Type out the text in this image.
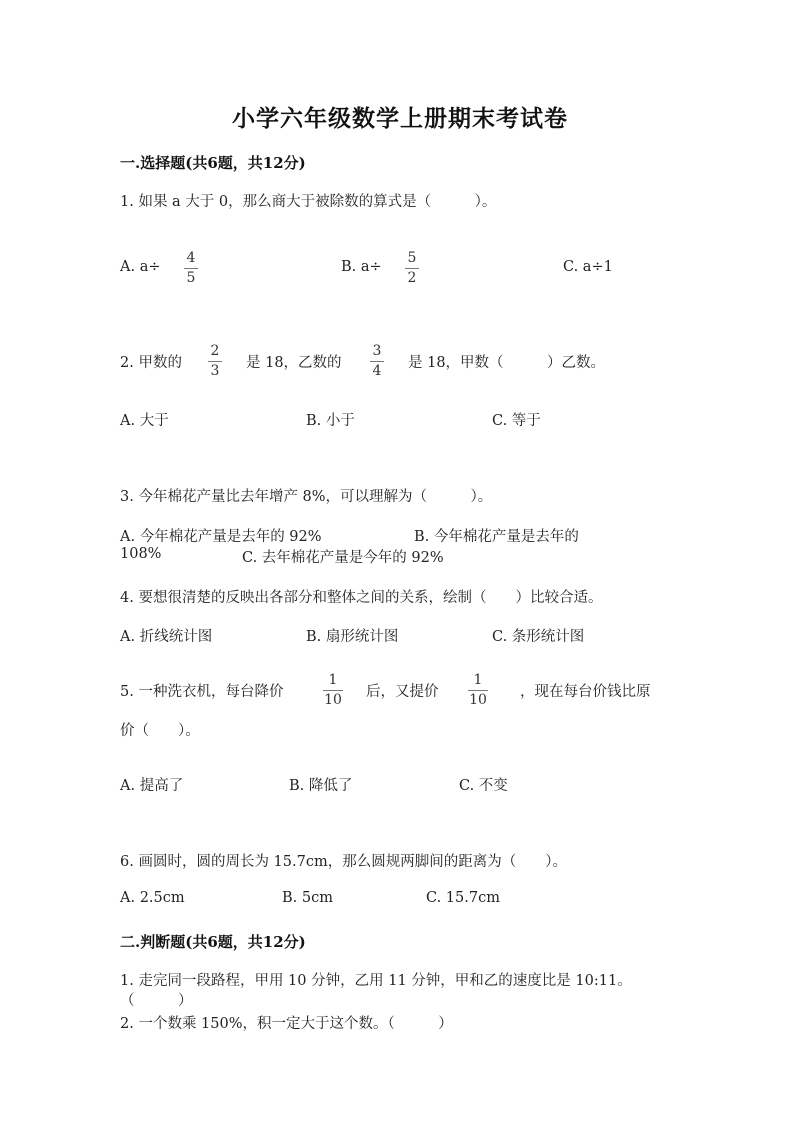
小学六年级数学上册期末考试卷
一.选择题(共6题，共12分)
1. 如果 a 大于 0，那么商大于被除数的算式是（　　　）。
A. a÷
4
5
B. a÷
5
2
C. a÷1
2. 甲数的
2
3 是 18，乙数的
3
4 是 18，甲数（　　　）乙数。
A. 大于	B. 小于	C. 等于
3. 今年棉花产量比去年增产 8%，可以理解为（　　　）。
A. 今年棉花产量是去年的 92%	B. 今年棉花产量是去年的
108%	C. 去年棉花产量是今年的 92%
4. 要想很清楚的反映出各部分和整体之间的关系，绘制（　　）比较合适。
A. 折线统计图	B. 扇形统计图	C. 条形统计图
5. 一种洗衣机，每台降价
1
10 后，又提价
1
10 ，现在每台价钱比原
价（　　）。
A. 提高了	B. 降低了	C. 不变
6. 画圆时，圆的周长为 15.7cm，那么圆规两脚间的距离为（　　）。
A. 2.5cm	B. 5cm	C. 15.7cm
二.判断题(共6题，共12分)
1. 走完同一段路程，甲用 10 分钟，乙用 11 分钟，甲和乙的速度比是 10:11。
（　　　）
2. 一个数乘 150%，积一定大于这个数。（　　　）
